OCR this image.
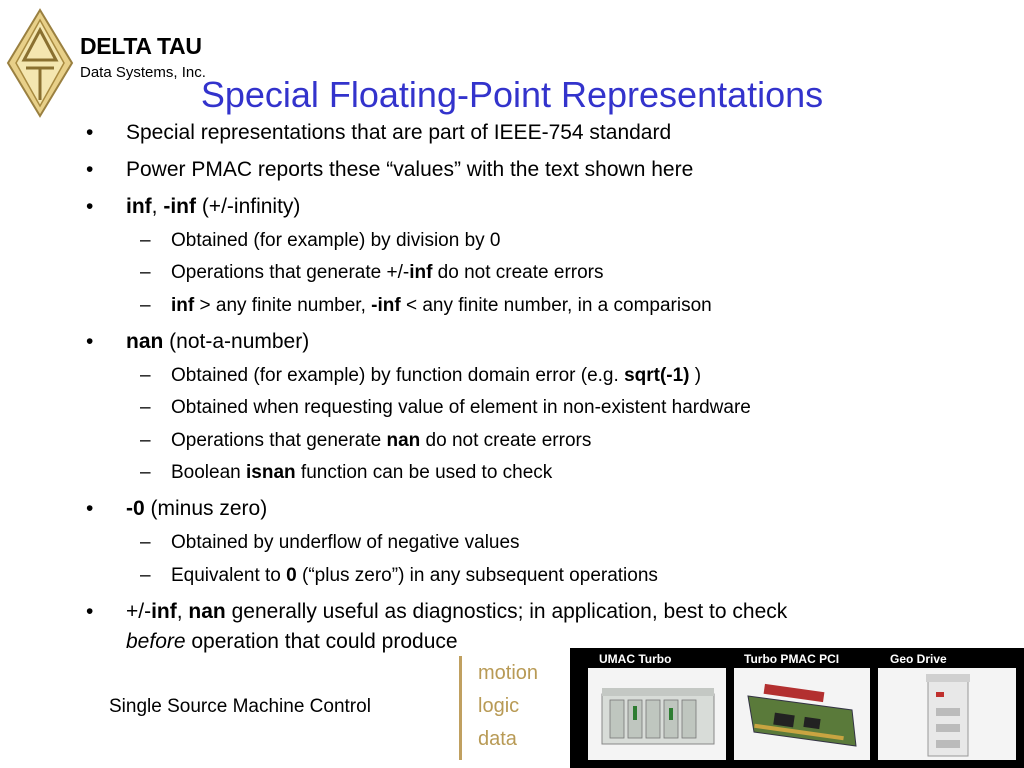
DELTA TAU
Data Systems, Inc.
Special Floating-Point Representations
• Special representations that are part of IEEE-754 standard
• Power PMAC reports these “values” with the text shown here
• inf, -inf (+/-infinity)
– Obtained (for example) by division by 0
– Operations that generate +/-inf do not create errors
– inf > any finite number, -inf < any finite number, in a comparison
• nan (not-a-number)
– Obtained (for example) by function domain error (e.g. sqrt(-1) )
– Obtained when requesting value of element in non-existent hardware
– Operations that generate nan do not create errors
– Boolean isnan function can be used to check
• -0 (minus zero)
– Obtained by underflow of negative values
– Equivalent to 0 (“plus zero”) in any subsequent operations
• +/-inf, nan generally useful as diagnostics; in application, best to check
before operation that could produce
Single Source Machine Control
motion
logic
data
UMAC Turbo	Turbo PMAC PCI	Geo Drive
